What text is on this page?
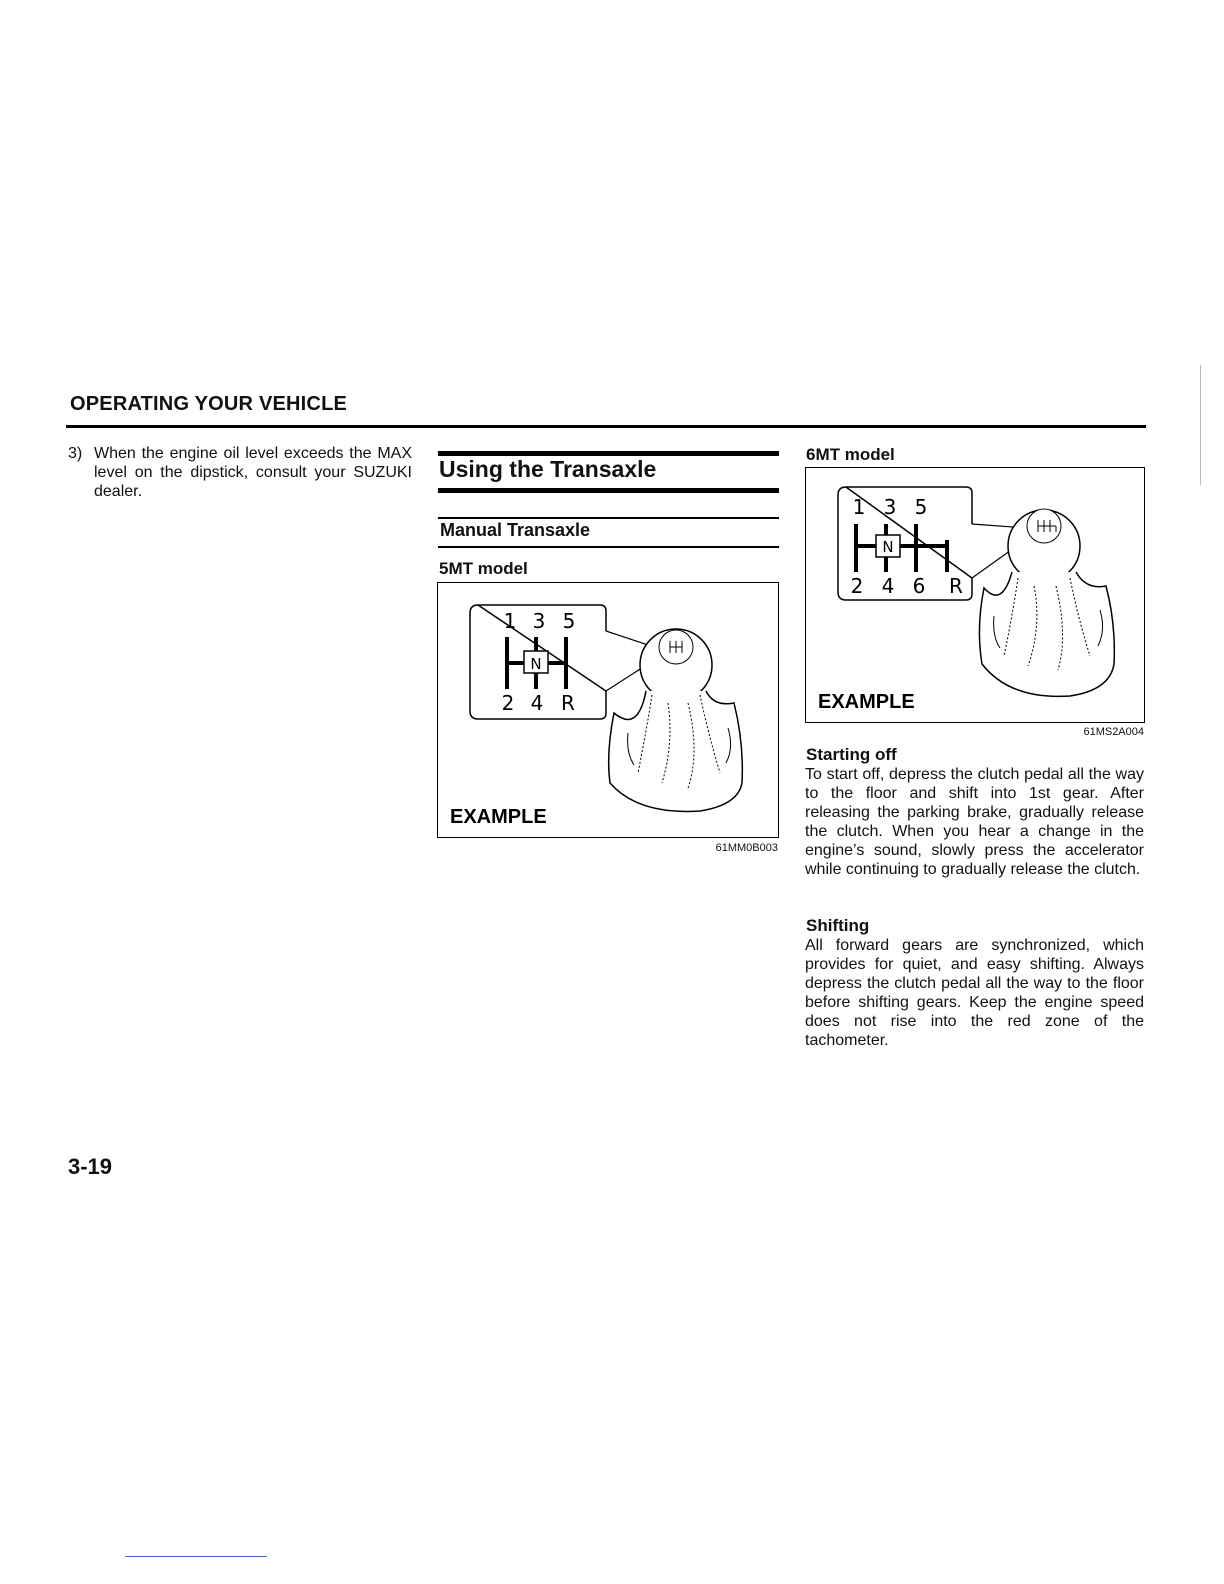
OPERATING YOUR VEHICLE
3) When the engine oil level exceeds the MAX level on the dipstick, consult your SUZUKI dealer.
Using the Transaxle
Manual Transaxle
5MT model
1 3 5
N
2 4 R
EXAMPLE
61MM0B003
6MT model
1 3 5
N
2 4 6 R
EXAMPLE
61MS2A004
Starting off
To start off, depress the clutch pedal all the way to the floor and shift into 1st gear. After releasing the parking brake, gradually release the clutch. When you hear a change in the engine’s sound, slowly press the accelerator while continuing to gradually release the clutch.
Shifting
All forward gears are synchronized, which provides for quiet, and easy shifting. Always depress the clutch pedal all the way to the floor before shifting gears. Keep the engine speed does not rise into the red zone of the tachometer.
3-19
